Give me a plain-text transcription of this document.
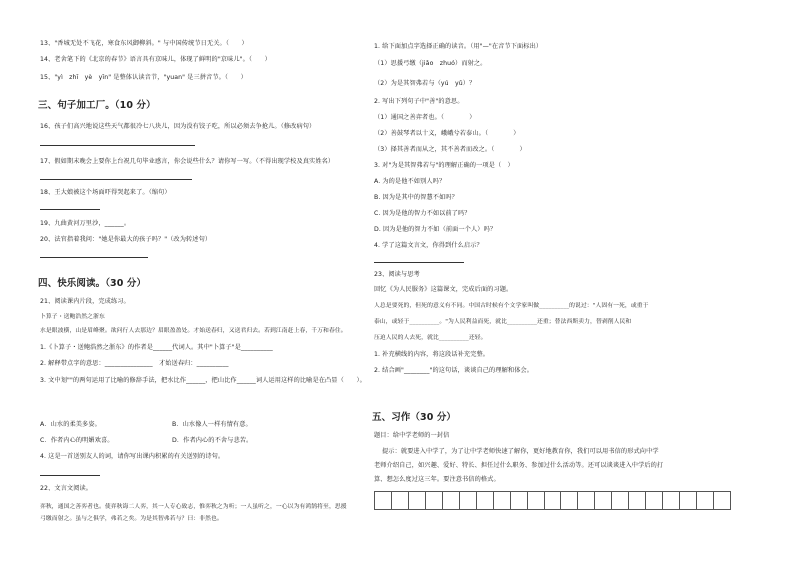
13、"香城无处不飞花，寒食东风御柳斜。" 与中国传统节日无关。（　　）
14、老舍笔下的《北京的春节》语言具有京味儿，体现了鲜明的"京味儿"。（　　）
15、"yì　zhī　yè　yīn" 是整体认读音节，"yuan" 是三拼音节。（　　）
三、句子加工厂。（10 分）
16、孩子们高兴地说这些天气都很冷七八块儿，因为没有饺子吃，所以必须去争抢儿。（修改病句）
17、假如期末晚会上要你上台祝几句毕业感言，你会说些什么？请你写一写。（不得出现学校及真实姓名）
18、王大娘被这个场面吓得哭起来了。（缩句）
19、九曲黄河万里沙，______。
20、法官指着我问："她是你最大的孩子吗？"（改为转述句）
四、快乐阅读。（30 分）
21、阅读课内片段，完成练习。
卜算子・送鲍浩然之浙东
水是眼波横，山是眉峰聚。欲问行人去那边？眉眼盈盈处。才始送春归，又送君归去。若到江南赶上春，千万和春住。
1.《卜算子・送鲍浩然之浙东》的作者是______代词人。其中"卜算子"是__________
2. 解释带点字的意思：_______________　才始送春归：__________
3. 文中划""的两句运用了比喻的修辞手法，把水比作______，把山比作______词人运用这样的比喻是在凸显（　　）。
A．山水的柔美多姿。	B．山水像人一样有情有意。
C．作者内心的明媚欢喜。	D．作者内心的不舍与悲苦。
4. 这是一首送别友人的词，请你写出课内积累的有关送别的诗句。
22、文言文阅读。
弈秋，通国之善弈者也。使弈秋诲二人弈，其一人专心致志，惟弈秋之为听；一人虽听之，一心以为有鸿鹄将至，思援弓缴而射之。虽与之俱学，弗若之矣。为是其智弗若与？曰：非然也。
1. 给下面加点字选择正确的读音。（用"—"在音节下面标出）
（1）思援弓缴（jiǎo　zhuó）而射之。
（2）为是其智弗若与（yú　yǔ）？
2. 写出下列句子中"善"的意思。
（1）通国之善弈者也。（　　　　）
（2）善鼓琴者以十义，峨峨兮若泰山。（　　　　）
（3）择其善者而从之，其不善者而改之。（　　　　）
3. 对"为是其智弗若与"的理解正确的一项是（　）
A. 为的是他不如别人吗？
B. 因为是其中的智慧不如吗？
C. 因为是他的智力不如以前了吗？
D. 因为是他的智力不如（前面一个人）吗？
4. 学了这篇文言文，你得到什么启示？
23、阅读与思考
回忆《为人民服务》这篇课文，完成后面的习题。
人总是要死的，但死的意义有不同。中国古时候有个文学家叫做__________的说过："人固有一死，或重于
泰山，或轻于__________。"为人民利益而死，就比__________还重；替法西斯卖力，替剥削人民和
压迫人民的人去死，就比__________还轻。
1. 补充横线的内容，将这段话补充完整。
2. 结合画"________"的这句话，谈谈自己的理解和体会。
五、习作（30 分）
题目：给中学老师的一封信
提示：就要进入中学了，为了让中学老师快速了解你，更好地教育你，我们可以用书信的形式向中学
老师介绍自己，如兴趣、爱好、特长、担任过什么职务、参加过什么活动等。还可以谈谈进入中学后的打
算、想怎么度过这三年。要注意书信的格式。
